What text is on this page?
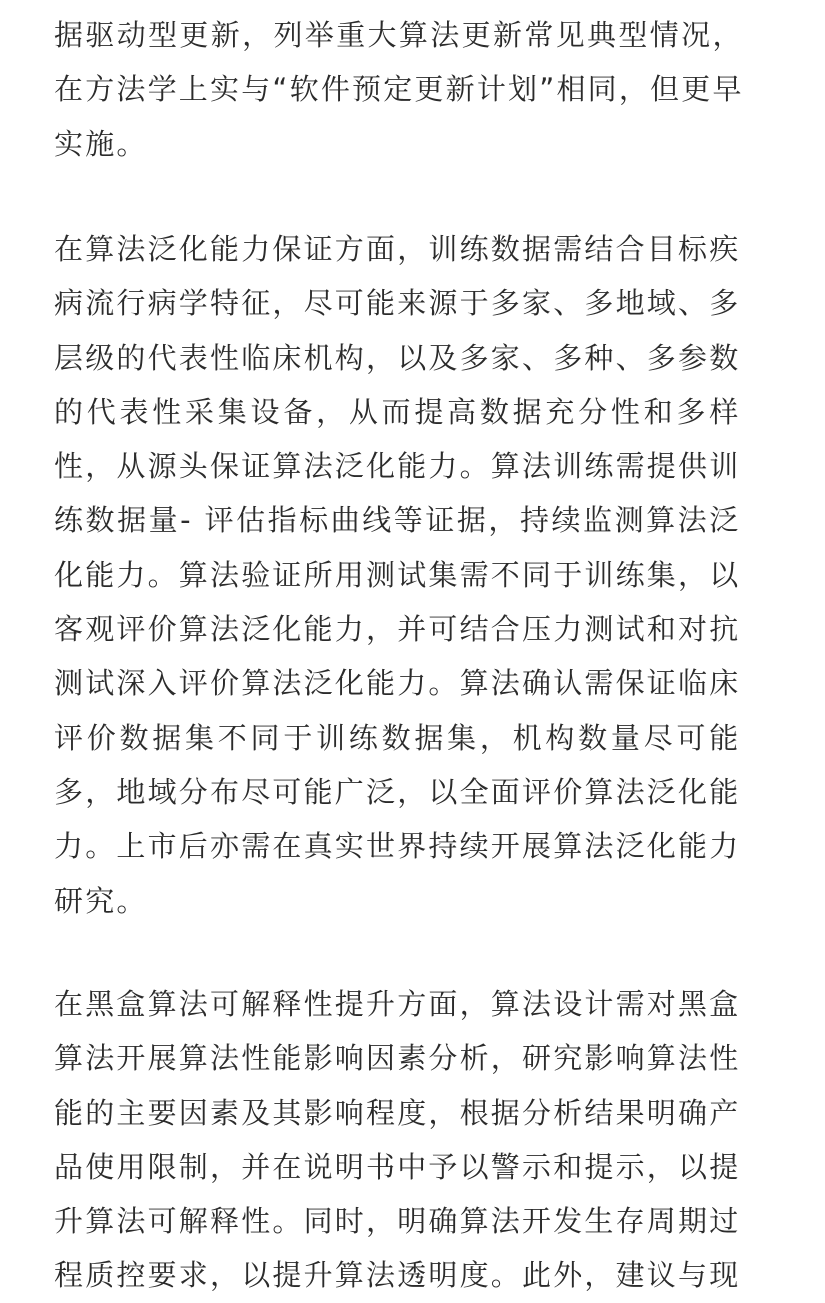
据驱动型更新，列举重大算法更新常见典型情况，
在方法学上实与“软件预定更新计划”相同，但更早
实施。
在算法泛化能力保证方面，训练数据需结合目标疾
病流行病学特征，尽可能来源于多家、多地域、多
层级的代表性临床机构，以及多家、多种、多参数
的代表性采集设备，从而提高数据充分性和多样
性，从源头保证算法泛化能力。算法训练需提供训
练数据量- 评估指标曲线等证据，持续监测算法泛
化能力。算法验证所用测试集需不同于训练集，以
客观评价算法泛化能力，并可结合压力测试和对抗
测试深入评价算法泛化能力。算法确认需保证临床
评价数据集不同于训练数据集，机构数量尽可能
多，地域分布尽可能广泛，以全面评价算法泛化能
力。上市后亦需在真实世界持续开展算法泛化能力
研究。
在黑盒算法可解释性提升方面，算法设计需对黑盒
算法开展算法性能影响因素分析，研究影响算法性
能的主要因素及其影响程度，根据分析结果明确产
品使用限制，并在说明书中予以警示和提示，以提
升算法可解释性。同时，明确算法开发生存周期过
程质控要求，以提升算法透明度。此外，建议与现
